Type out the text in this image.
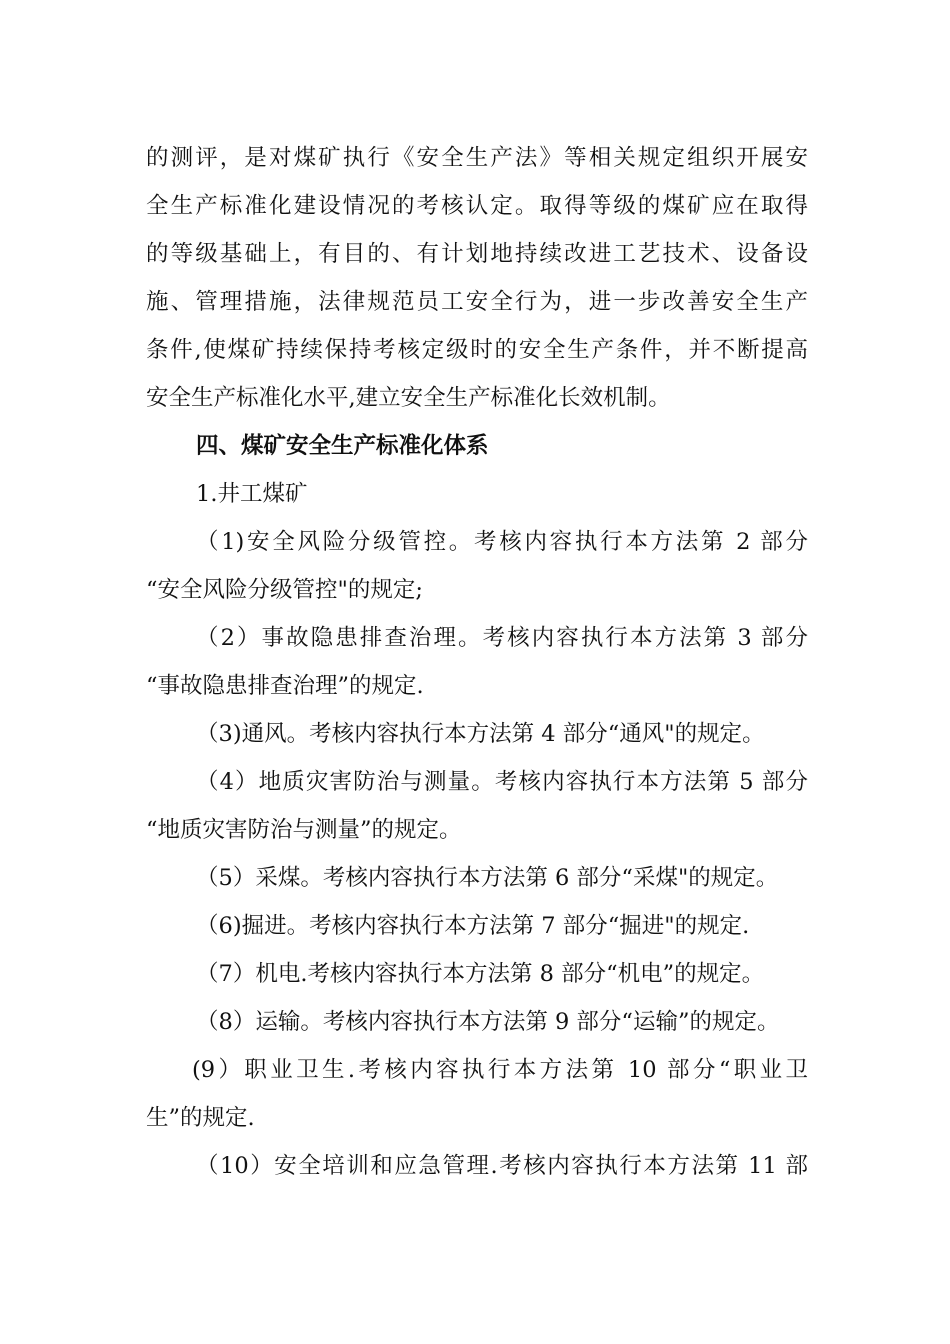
的测评，是对煤矿执行《安全生产法》等相关规定组织开展安
全生产标准化建设情况的考核认定。取得等级的煤矿应在取得
的等级基础上，有目的、有计划地持续改进工艺技术、设备设
施、管理措施，法律规范员工安全行为，进一步改善安全生产
条件,使煤矿持续保持考核定级时的安全生产条件，并不断提高
安全生产标准化水平,建立安全生产标准化长效机制。
四、煤矿安全生产标准化体系
1.井工煤矿
（1)安全风险分级管控。考核内容执行本方法第 2 部分
“安全风险分级管控"的规定;
（2）事故隐患排查治理。考核内容执行本方法第 3 部分
“事故隐患排查治理”的规定.
（3)通风。考核内容执行本方法第 4 部分“通风"的规定。
（4）地质灾害防治与测量。考核内容执行本方法第 5 部分
“地质灾害防治与测量”的规定。
（5）采煤。考核内容执行本方法第 6 部分“采煤"的规定。
（6)掘进。考核内容执行本方法第 7 部分“掘进"的规定.
（7）机电.考核内容执行本方法第 8 部分“机电”的规定。
（8）运输。考核内容执行本方法第 9 部分“运输”的规定。
(9）职业卫生.考核内容执行本方法第 10 部分“职业卫
生”的规定.
（10）安全培训和应急管理.考核内容执行本方法第 11 部
